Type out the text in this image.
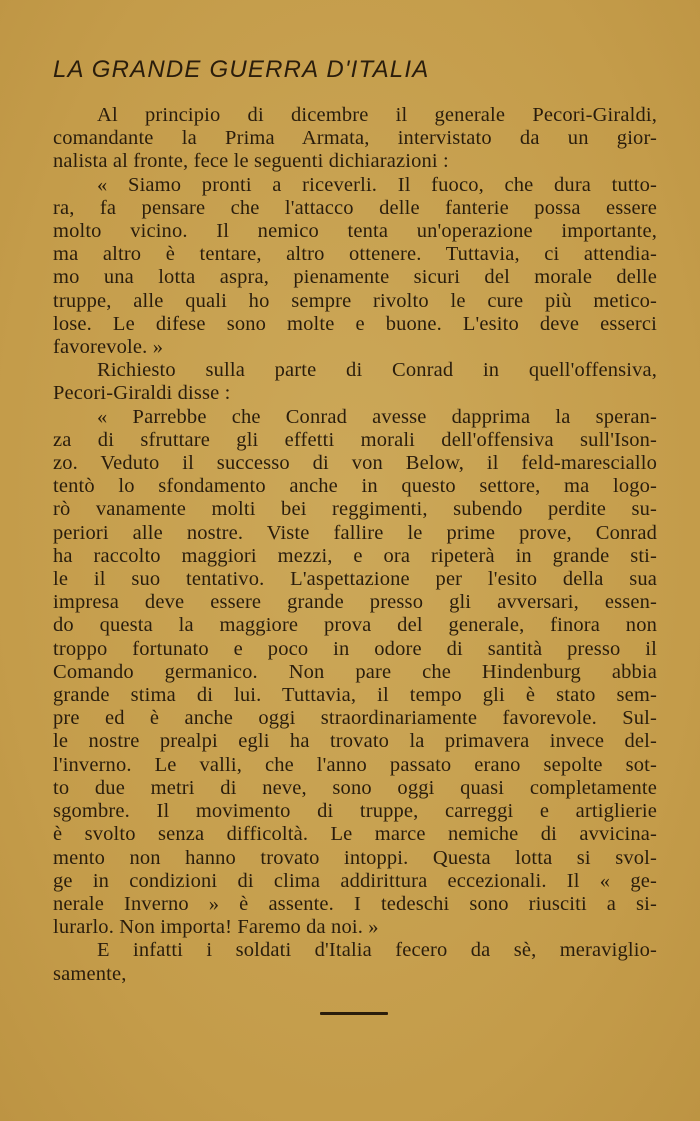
LA GRANDE GUERRA D'ITALIA

Al principio di dicembre il generale Pecori-Giraldi,
comandante la Prima Armata, intervistato da un gior-
nalista al fronte, fece le seguenti dichiarazioni :

« Siamo pronti a riceverli. Il fuoco, che dura tutto-
ra, fa pensare che l'attacco delle fanterie possa essere
molto vicino. Il nemico tenta un'operazione importante,
ma altro è tentare, altro ottenere. Tuttavia, ci attendia-
mo una lotta aspra, pienamente sicuri del morale delle
truppe, alle quali ho sempre rivolto le cure più metico-
lose. Le difese sono molte e buone. L'esito deve esserci
favorevole. »

Richiesto sulla parte di Conrad in quell'offensiva,
Pecori-Giraldi disse :

« Parrebbe che Conrad avesse dapprima la speran-
za di sfruttare gli effetti morali dell'offensiva sull'Ison-
zo. Veduto il successo di von Below, il feld-maresciallo
tentò lo sfondamento anche in questo settore, ma logo-
rò vanamente molti bei reggimenti, subendo perdite su-
periori alle nostre. Viste fallire le prime prove, Conrad
ha raccolto maggiori mezzi, e ora ripeterà in grande sti-
le il suo tentativo. L'aspettazione per l'esito della sua
impresa deve essere grande presso gli avversari, essen-
do questa la maggiore prova del generale, finora non
troppo fortunato e poco in odore di santità presso il
Comando germanico. Non pare che Hindenburg abbia
grande stima di lui. Tuttavia, il tempo gli è stato sem-
pre ed è anche oggi straordinariamente favorevole. Sul-
le nostre prealpi egli ha trovato la primavera invece del-
l'inverno. Le valli, che l'anno passato erano sepolte sot-
to due metri di neve, sono oggi quasi completamente
sgombre. Il movimento di truppe, carreggi e artiglierie
è svolto senza difficoltà. Le marce nemiche di avvicina-
mento non hanno trovato intoppi. Questa lotta si svol-
ge in condizioni di clima addirittura eccezionali. Il « ge-
nerale Inverno » è assente. I tedeschi sono riusciti a si-
lurarlo. Non importa! Faremo da noi. »

E infatti i soldati d'Italia fecero da sè, meraviglio-
samente,
